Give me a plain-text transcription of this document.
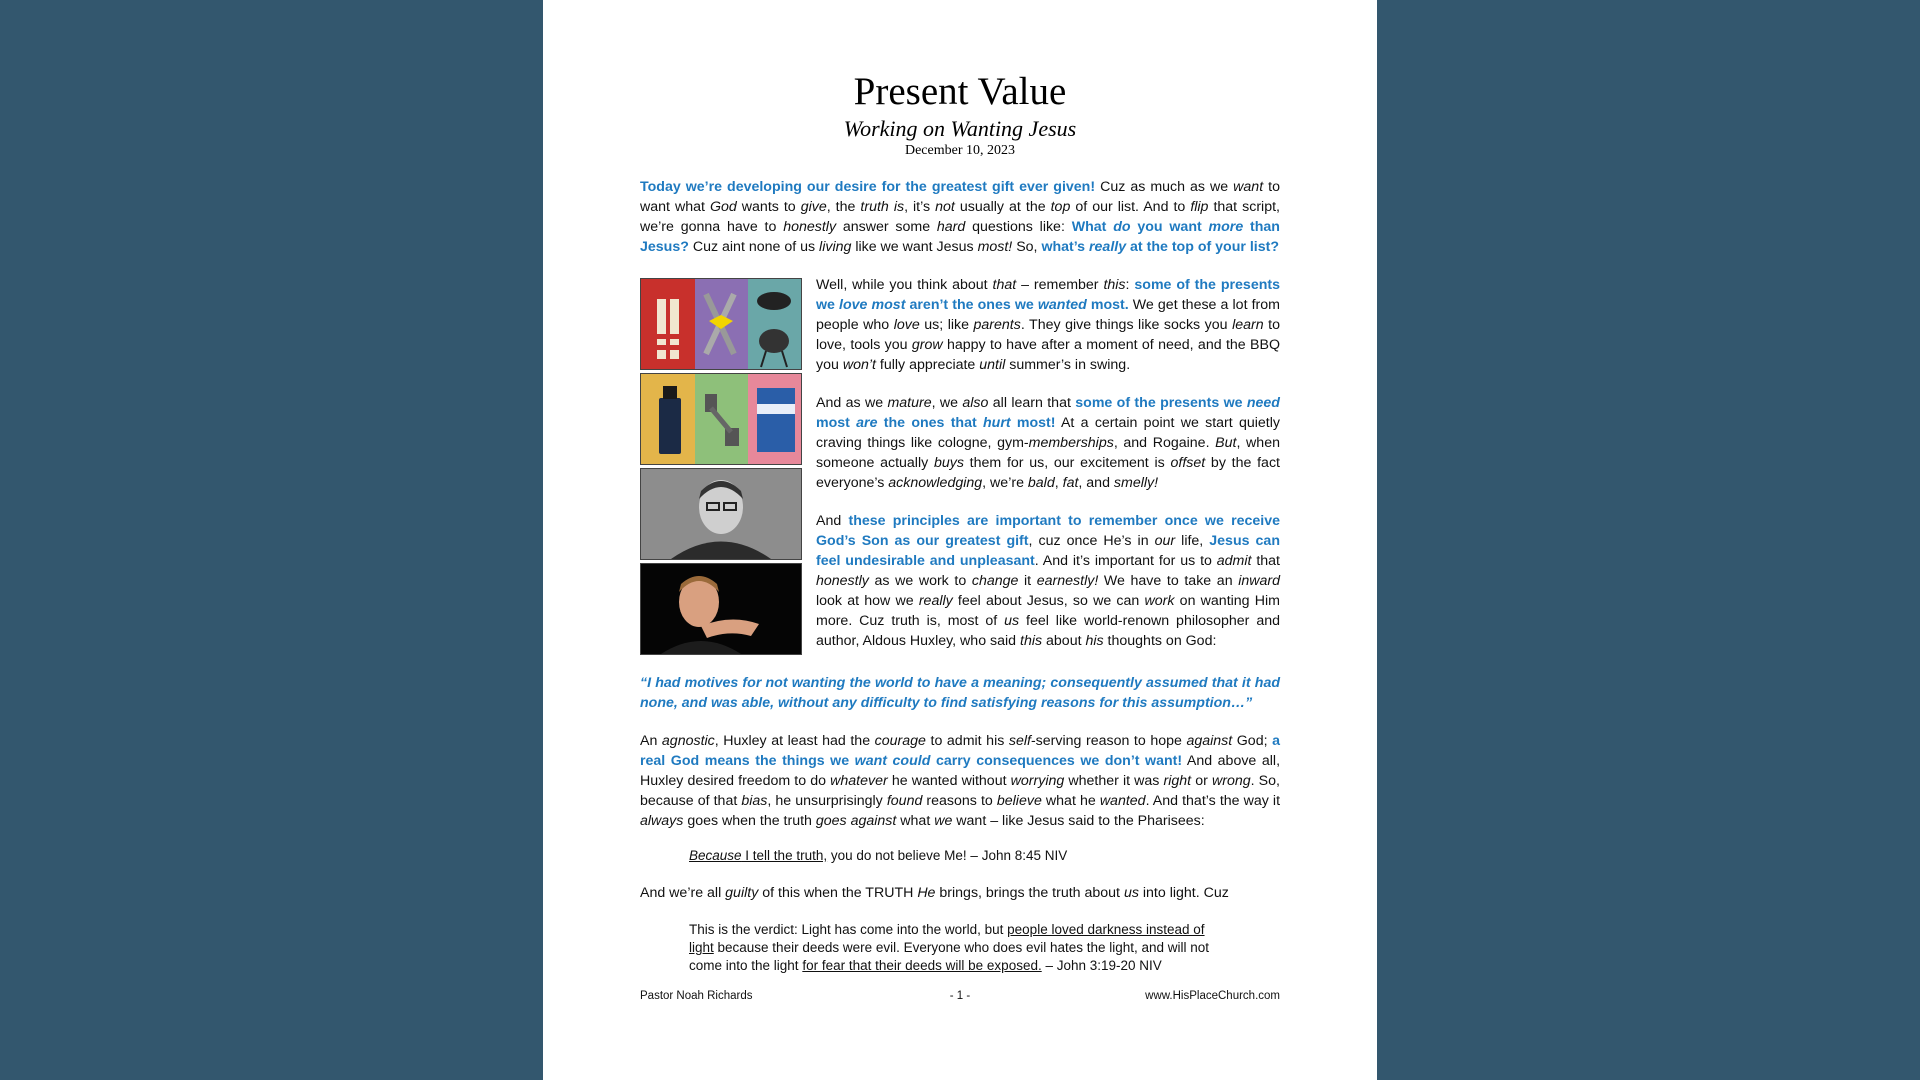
Present Value
Working on Wanting Jesus
December 10, 2023
Today we’re developing our desire for the greatest gift ever given! Cuz as much as we want to want what God wants to give, the truth is, it’s not usually at the top of our list. And to flip that script, we’re gonna have to honestly answer some hard questions like: What do you want more than Jesus? Cuz aint none of us living like we want Jesus most! So, what’s really at the top of your list?
Well, while you think about that – remember this: some of the presents we love most aren’t the ones we wanted most. We get these a lot from people who love us; like parents. They give things like socks you learn to love, tools you grow happy to have after a moment of need, and the BBQ you won’t fully appreciate until summer’s in swing.
And as we mature, we also all learn that some of the presents we need most are the ones that hurt most! At a certain point we start quietly craving things like cologne, gym-memberships, and Rogaine. But, when someone actually buys them for us, our excitement is offset by the fact everyone’s acknowledging, we’re bald, fat, and smelly!
And these principles are important to remember once we receive God’s Son as our greatest gift, cuz once He’s in our life, Jesus can feel undesirable and unpleasant. And it’s important for us to admit that honestly as we work to change it earnestly! We have to take an inward look at how we really feel about Jesus, so we can work on wanting Him more. Cuz truth is, most of us feel like world-renown philosopher and author, Aldous Huxley, who said this about his thoughts on God:
“I had motives for not wanting the world to have a meaning; consequently assumed that it had none, and was able, without any difficulty to find satisfying reasons for this assumption…”
An agnostic, Huxley at least had the courage to admit his self-serving reason to hope against God; a real God means the things we want could carry consequences we don’t want! And above all, Huxley desired freedom to do whatever he wanted without worrying whether it was right or wrong. So, because of that bias, he unsurprisingly found reasons to believe what he wanted. And that’s the way it always goes when the truth goes against what we want – like Jesus said to the Pharisees:
Because I tell the truth, you do not believe Me! – John 8:45 NIV
And we’re all guilty of this when the TRUTH He brings, brings the truth about us into light. Cuz
This is the verdict: Light has come into the world, but people loved darkness instead of light because their deeds were evil. Everyone who does evil hates the light, and will not come into the light for fear that their deeds will be exposed. – John 3:19-20 NIV
Pastor Noah Richards	- 1 -	www.HisPlaceChurch.com
